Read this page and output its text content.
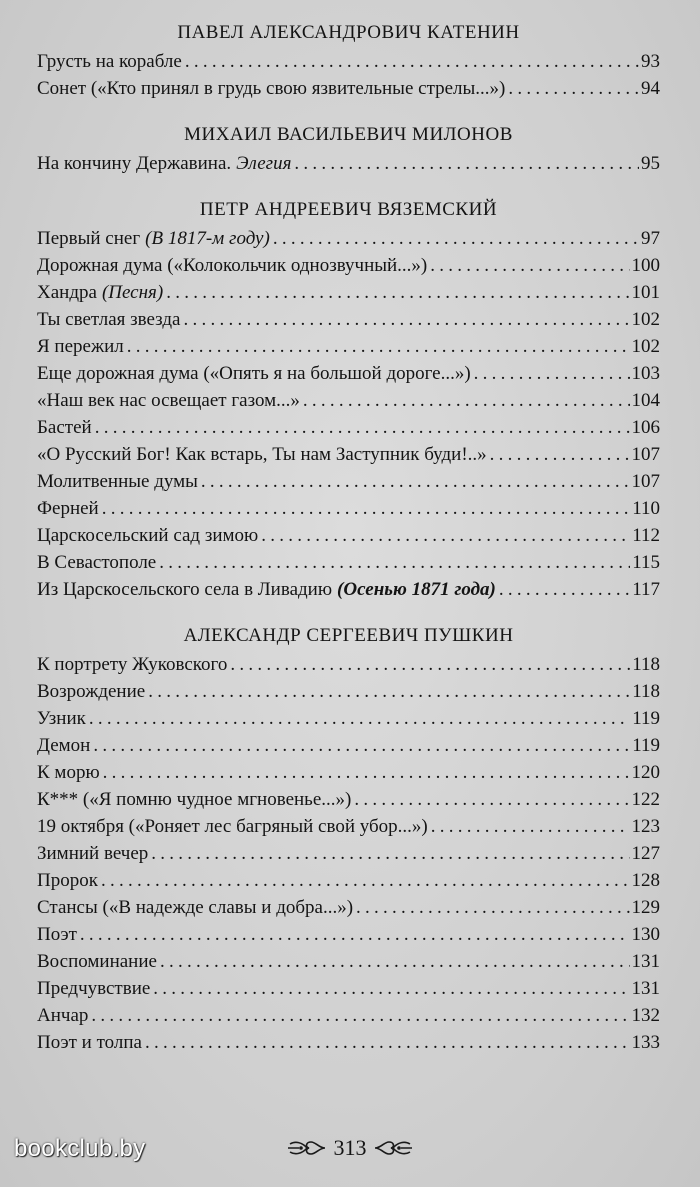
ПАВЕЛ АЛЕКСАНДРОВИЧ КАТЕНИН
Грусть на корабле . . .	93
Сонет («Кто принял в грудь свою язвительные стрелы...») . . .	94
МИХАИЛ ВАСИЛЬЕВИЧ МИЛОНОВ
На кончину Державина. Элегия . . .	95
ПЕТР АНДРЕЕВИЧ ВЯЗЕМСКИЙ
Первый снег (В 1817-м году) . . .	97
Дорожная дума («Колокольчик однозвучный...») . . .	100
Хандра (Песня) . . .	101
Ты светлая звезда . . .	102
Я пережил . . .	102
Еще дорожная дума («Опять я на большой дороге...») . . .	103
«Наш век нас освещает газом...» . . .	104
Бастей . . .	106
«О Русский Бог! Как встарь, Ты нам Заступник буди!..» . . .	107
Молитвенные думы . . .	107
Ферней . . .	110
Царскосельский сад зимою . . .	112
В Севастополе . . .	115
Из Царскосельского села в Ливадию (Осенью 1871 года) . . .	117
АЛЕКСАНДР СЕРГЕЕВИЧ ПУШКИН
К портрету Жуковского . . .	118
Возрождение . . .	118
Узник . . .	119
Демон . . .	119
К морю . . .	120
К*** («Я помню чудное мгновенье...») . . .	122
19 октября («Роняет лес багряный свой убор...») . . .	123
Зимний вечер . . .	127
Пророк . . .	128
Стансы («В надежде славы и добра...») . . .	129
Поэт . . .	130
Воспоминание . . .	131
Предчувствие . . .	131
Анчар . . .	132
Поэт и толпа . . .	133
313
bookclub.by
